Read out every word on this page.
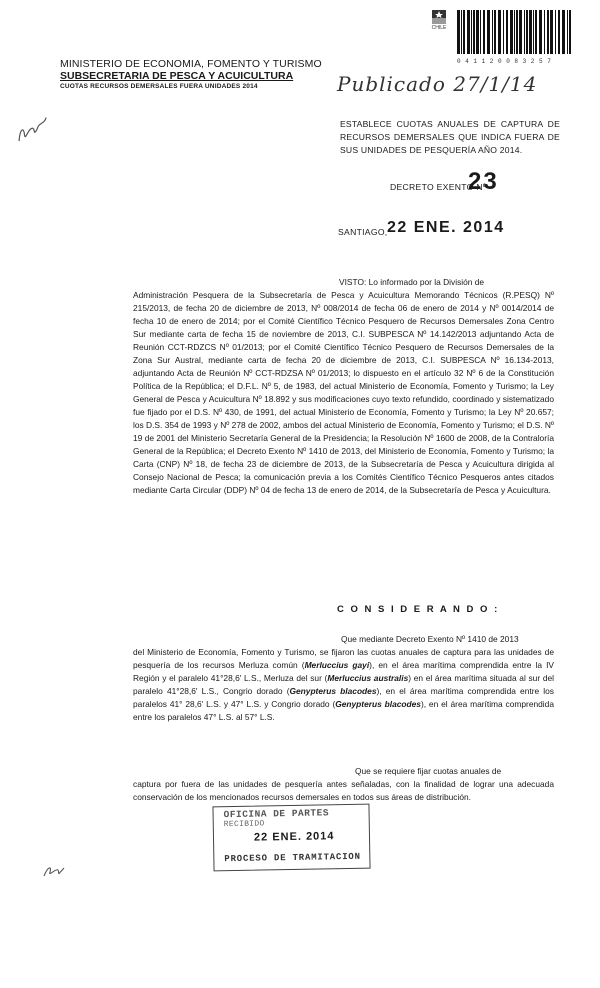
MINISTERIO DE ECONOMIA, FOMENTO Y TURISMO
SUBSECRETARIA DE PESCA Y ACUICULTURA
CUOTAS RECURSOS DEMERSALES FUERA UNIDADES 2014
CHILE
0 4 1 1 2 0 0 8 3 2 5 7
Publicado 27/1/14
ESTABLECE CUOTAS ANUALES DE CAPTURA DE RECURSOS DEMERSALES QUE INDICA FUERA DE SUS UNIDADES DE PESQUERÍA AÑO 2014.
DECRETO EXENTO Nº
23
SANTIAGO, 22 ENE. 2014
VISTO: Lo informado por la División de
Administración Pesquera de la Subsecretaría de Pesca y Acuicultura Memorando Técnicos (R.PESQ) Nº 215/2013, de fecha 20 de diciembre de 2013, Nº 008/2014 de fecha 06 de enero de 2014 y Nº 0014/2014 de fecha 10 de enero de 2014; por el Comité Científico Técnico Pesquero de Recursos Demersales Zona Centro Sur mediante carta de fecha 15 de noviembre de 2013, C.I. SUBPESCA Nº 14.142/2013 adjuntando Acta de Reunión CCT-RDZCS Nº 01/2013; por el Comité Científico Técnico Pesquero de Recursos Demersales de la Zona Sur Austral, mediante carta de fecha 20 de diciembre de 2013, C.I. SUBPESCA Nº 16.134-2013, adjuntando Acta de Reunión Nº CCT-RDZSA Nº 01/2013; lo dispuesto en el artículo 32 Nº 6 de la Constitución Política de la República; el D.F.L. Nº 5, de 1983, del actual Ministerio de Economía, Fomento y Turismo; la Ley General de Pesca y Acuicultura Nº 18.892 y sus modificaciones cuyo texto refundido, coordinado y sistematizado fue fijado por el D.S. Nº 430, de 1991, del actual Ministerio de Economía, Fomento y Turismo; la Ley Nº 20.657; los D.S. 354 de 1993 y Nº 278 de 2002, ambos del actual Ministerio de Economía, Fomento y Turismo; el D.S. Nº 19 de 2001 del Ministerio Secretaría General de la Presidencia; la Resolución Nº 1600 de 2008, de la Contraloría General de la República; el Decreto Exento Nº 1410 de 2013, del Ministerio de Economía, Fomento y Turismo; la Carta (CNP) Nº 18, de fecha 23 de diciembre de 2013, de la Subsecretaría de Pesca y Acuicultura dirigida al Consejo Nacional de Pesca; la comunicación previa a los Comités Científico Técnico Pesqueros antes citados mediante Carta Circular (DDP) Nº 04 de fecha 13 de enero de 2014, de la Subsecretaría de Pesca y Acuicultura.
C O N S I D E R A N D O :
Que mediante Decreto Exento Nº 1410 de 2013
del Ministerio de Economía, Fomento y Turismo, se fijaron las cuotas anuales de captura para las unidades de pesquería de los recursos Merluza común (Merluccius gayi), en el área marítima comprendida entre la IV Región y el paralelo 41°28,6' L.S., Merluza del sur (Merluccius australis) en el área marítima situada al sur del paralelo 41°28,6' L.S., Congrio dorado (Genypterus blacodes), en el área marítima comprendida entre los paralelos 41° 28,6' L.S. y 47° L.S. y Congrio dorado (Genypterus blacodes), en el área marítima comprendida entre los paralelos 47° L.S. al 57° L.S.
Que se requiere fijar cuotas anuales de
captura por fuera de las unidades de pesquería antes señaladas, con la finalidad de lograr una adecuada conservación de los mencionados recursos demersales en todos sus áreas de distribución.
OFICINA DE PARTES
RECIBIDO
22 ENE. 2014
PROCESO DE TRAMITACION
